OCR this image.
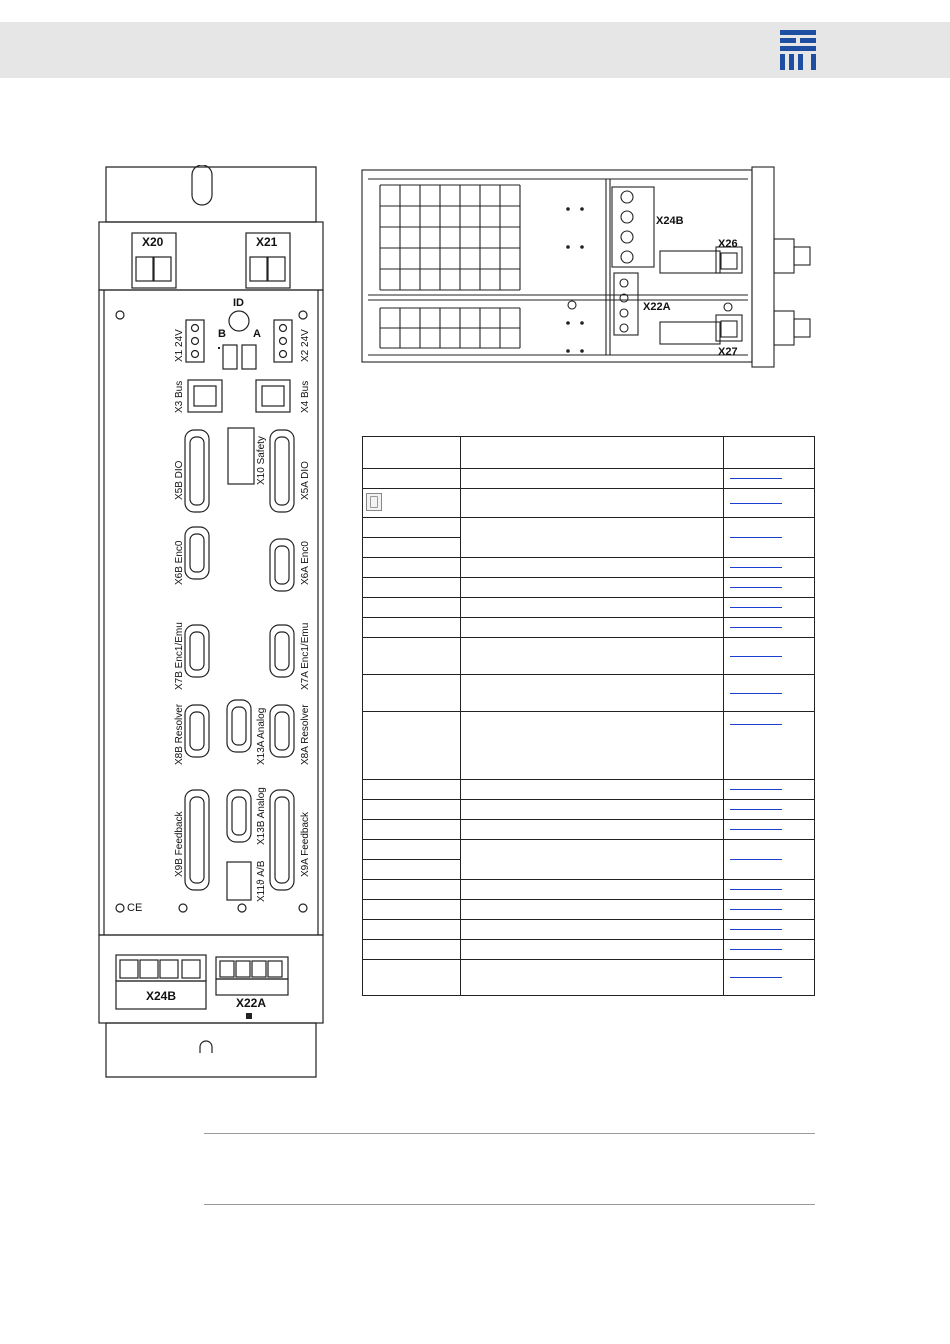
X20	X21
ID
B A
X1 24V	X2 24V
X3 Bus	X4 Bus
X5B DIO	X10 Safety	X5A DIO
X6B Enc0	X6A Enc0
X7B Enc1/Emu	X7A Enc1/Emu
X8B Resolver	X13A Analog	X8A Resolver
X9B Feedback	X13B Analog	X9A Feedback
X11ϑ A/B
CE
X24B	X22A
X24B
X26
X22A
X27
